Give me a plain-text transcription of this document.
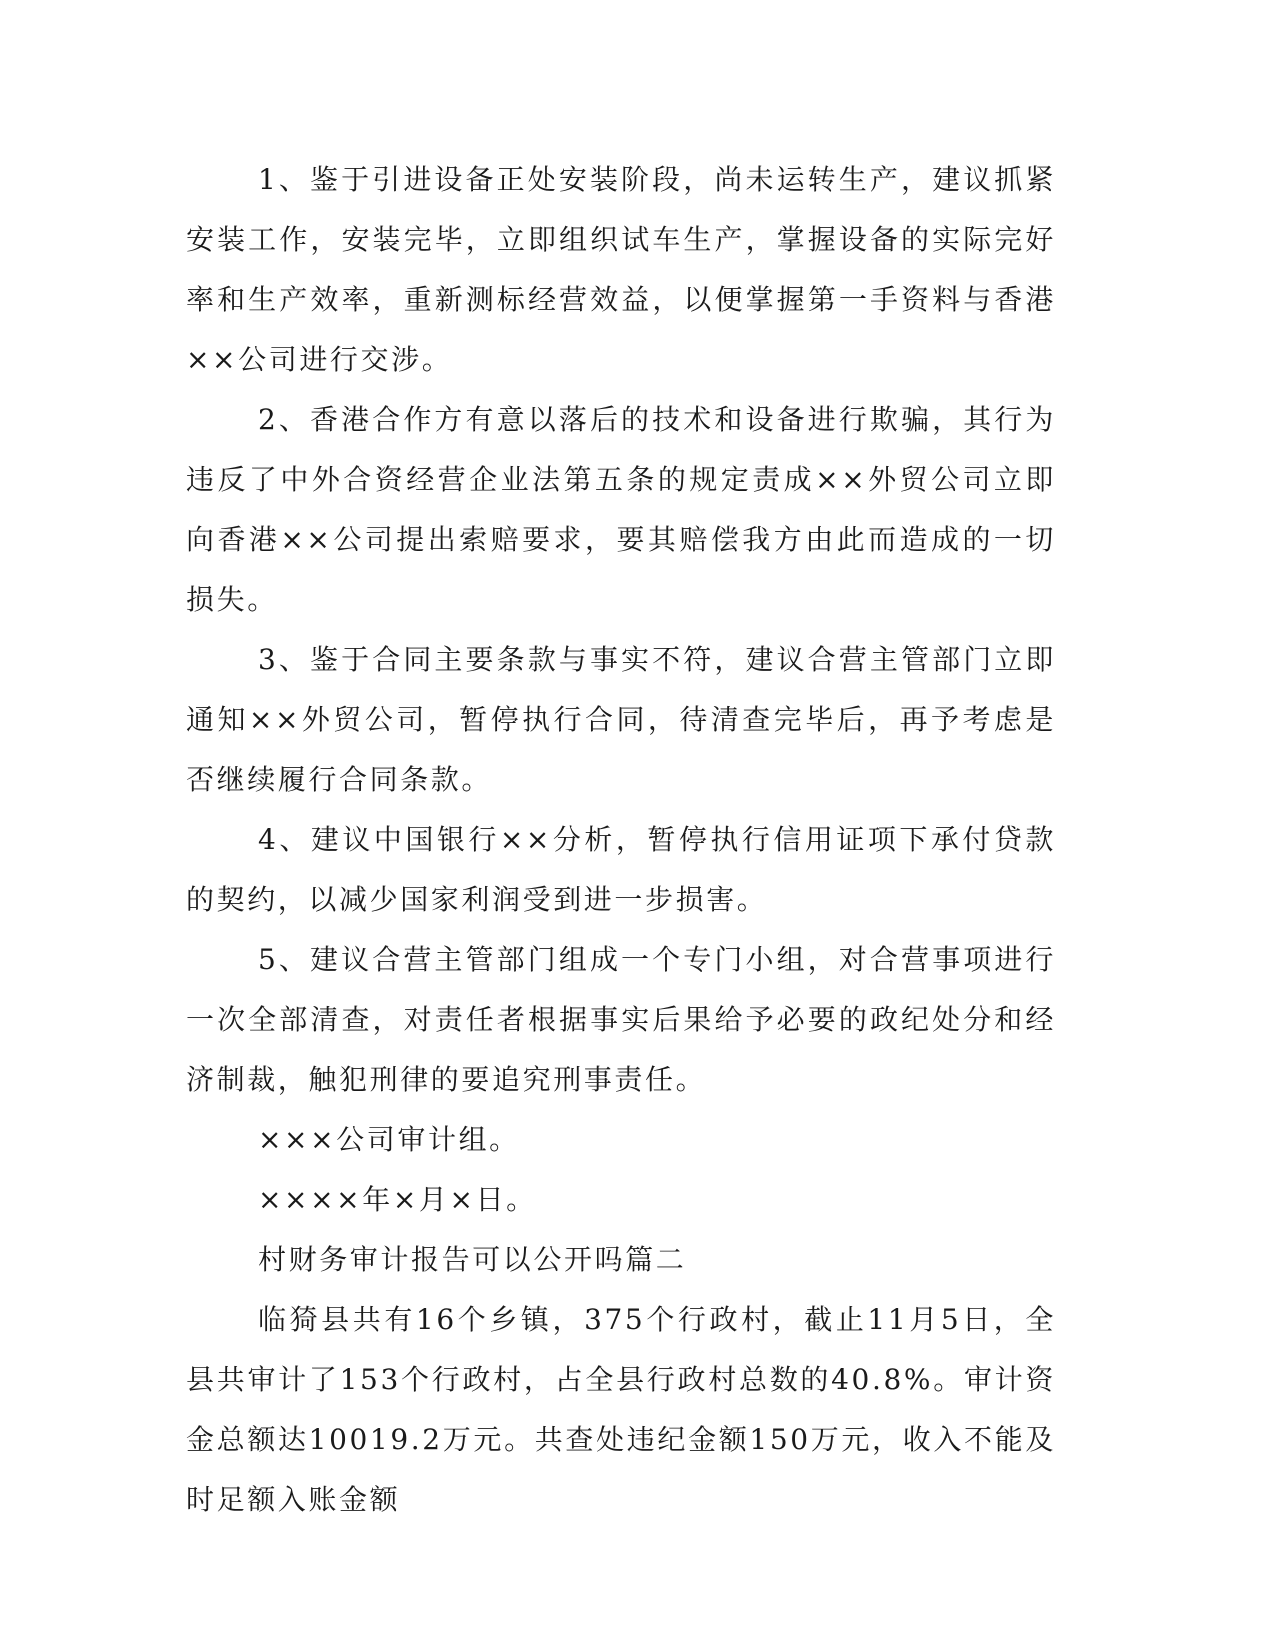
1、鉴于引进设备正处安装阶段，尚未运转生产，建议抓紧安装工作，安装完毕，立即组织试车生产，掌握设备的实际完好率和生产效率，重新测标经营效益，以便掌握第一手资料与香港××公司进行交涉。

2、香港合作方有意以落后的技术和设备进行欺骗，其行为违反了中外合资经营企业法第五条的规定责成××外贸公司立即向香港××公司提出索赔要求，要其赔偿我方由此而造成的一切损失。

3、鉴于合同主要条款与事实不符，建议合营主管部门立即通知××外贸公司，暂停执行合同，待清查完毕后，再予考虑是否继续履行合同条款。

4、建议中国银行××分析，暂停执行信用证项下承付贷款的契约，以减少国家利润受到进一步损害。

5、建议合营主管部门组成一个专门小组，对合营事项进行一次全部清查，对责任者根据事实后果给予必要的政纪处分和经济制裁，触犯刑律的要追究刑事责任。

×××公司审计组。

××××年×月×日。

村财务审计报告可以公开吗篇二

临猗县共有16个乡镇，375个行政村，截止11月5日，全县共审计了153个行政村，占全县行政村总数的40.8%。审计资金总额达10019.2万元。共查处违纪金额150万元，收入不能及时足额入账金额
